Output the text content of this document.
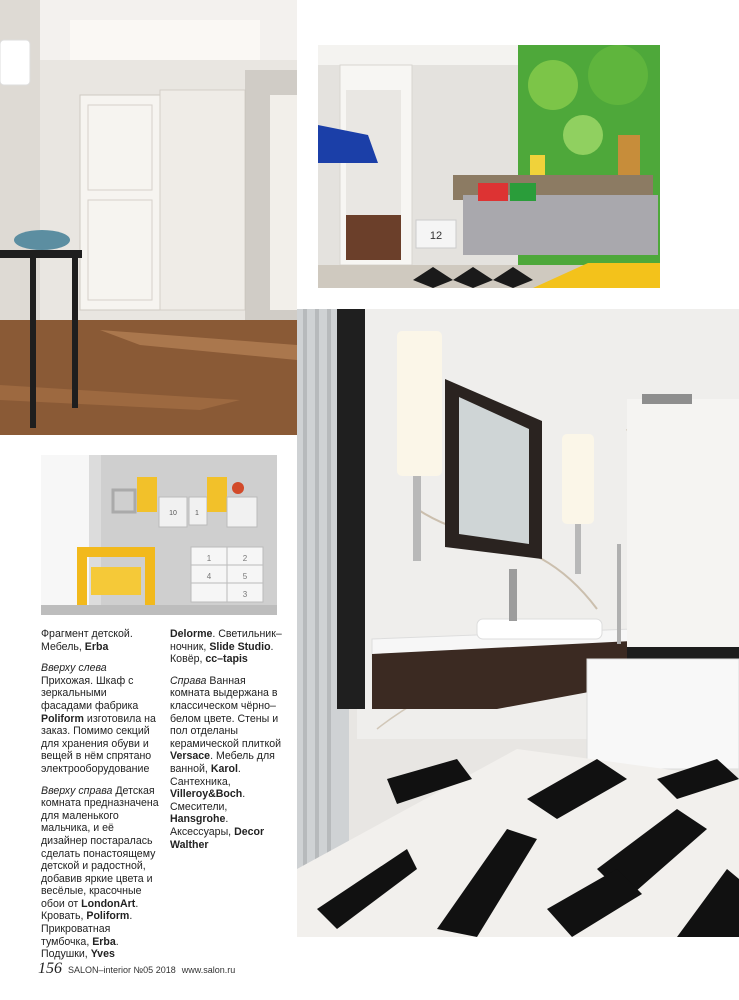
12
10	1
4	5
1	2
3

Фрагмент детской. Мебель, Erba

Вверху слева Прихожая. Шкаф с зеркальными фасадами фабрика Poliform изготовила на заказ. Помимо секций для хранения обуви и вещей в нём спрятано электрооборудование

Вверху справа Детская комната предназначена для маленького мальчика, и её дизайнер постаралась сделать понастоящему детской и радостной, добавив яркие цвета и весёлые, красочные обои от LondonArt. Кровать, Poliform. Прикроватная тумбочка, Erba. Подушки, Yves

Delorme. Светильник–ночник, Slide Studio. Ковёр, cc–tapis

Справа Ванная комната выдержана в классическом чёрно–белом цвете. Стены и пол отделаны керамической плиткой Versace. Мебель для ванной, Karol. Сантехника, Villeroy&Boch. Смесители, Hansgrohe. Аксессуары, Decor Walther

156 SALON–interior №05 2018 www.salon.ru
